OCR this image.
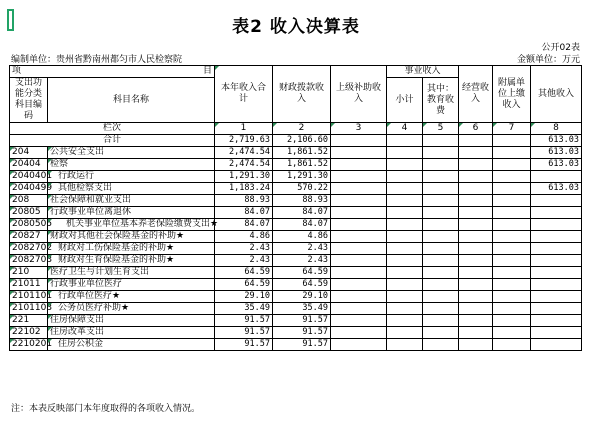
表2 收入决算表
公开02表
编制单位：贵州省黔南州都匀市人民检察院	金额单位：万元
项 目		本年收入合计	财政拨款收入	上级补助收入	事业收入		经营收入	附属单位上缴收入	其他收入
支出功能分类科目编码	科目名称				小计	其中：教育收费			

栏次		1	2	3	4	5	6	7	8
合计		2,719.63	2,106.60						613.03
204	公共安全支出	2,474.54	1,861.52						613.03
20404	检察	2,474.54	1,861.52						613.03
2040401	行政运行	1,291.30	1,291.30						
2040499	其他检察支出	1,183.24	570.22						613.03
208	社会保障和就业支出	88.93	88.93						
20805	行政事业单位离退休	84.07	84.07						
2080505	机关事业单位基本养老保险缴费支出★	84.07	84.07						
20827	财政对其他社会保险基金的补助★	4.86	4.86						
2082702	财政对工伤保险基金的补助★	2.43	2.43						
2082703	财政对生育保险基金的补助★	2.43	2.43						
210	医疗卫生与计划生育支出	64.59	64.59						
21011	行政事业单位医疗	64.59	64.59						
2101101	行政单位医疗★	29.10	29.10						
2101103	公务员医疗补助★	35.49	35.49						
221	住房保障支出	91.57	91.57						
22102	住房改革支出	91.57	91.57						
2210201	住房公积金	91.57	91.57						
注：本表反映部门本年度取得的各项收入情况。
